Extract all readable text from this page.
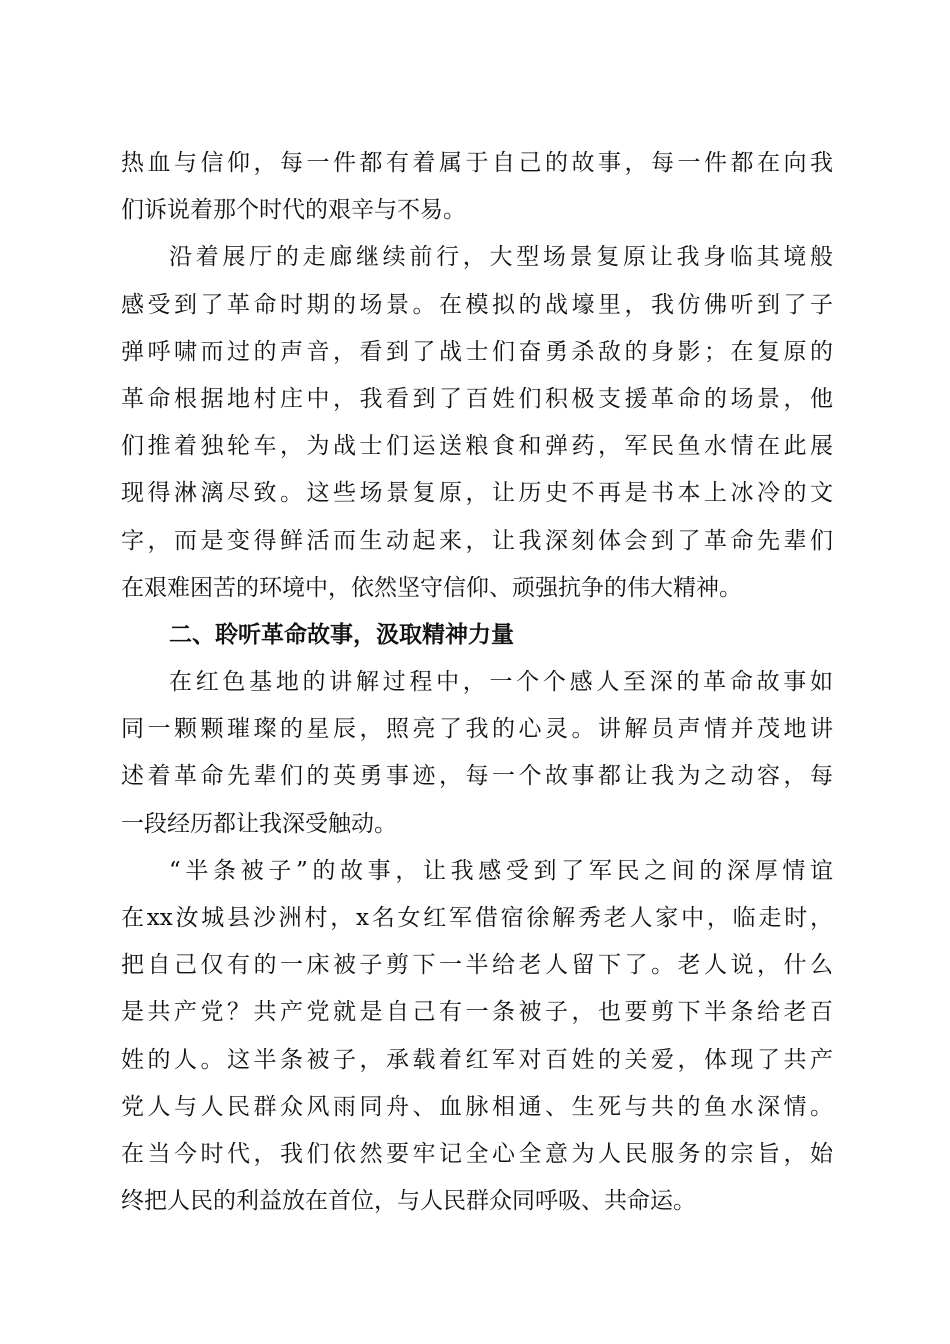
热血与信仰，每一件都有着属于自己的故事，每一件都在向我
们诉说着那个时代的艰辛与不易。
沿着展厅的走廊继续前行，大型场景复原让我身临其境般
感受到了革命时期的场景。在模拟的战壕里，我仿佛听到了子
弹呼啸而过的声音，看到了战士们奋勇杀敌的身影；在复原的
革命根据地村庄中，我看到了百姓们积极支援革命的场景，他
们推着独轮车，为战士们运送粮食和弹药，军民鱼水情在此展
现得淋漓尽致。这些场景复原，让历史不再是书本上冰冷的文
字，而是变得鲜活而生动起来，让我深刻体会到了革命先辈们
在艰难困苦的环境中，依然坚守信仰、顽强抗争的伟大精神。
二、聆听革命故事，汲取精神力量
在红色基地的讲解过程中，一个个感人至深的革命故事如
同一颗颗璀璨的星辰，照亮了我的心灵。讲解员声情并茂地讲
述着革命先辈们的英勇事迹，每一个故事都让我为之动容，每
一段经历都让我深受触动。
“半条被子”的故事，让我感受到了军民之间的深厚情谊
在xx汝城县沙洲村，x名女红军借宿徐解秀老人家中，临走时，
把自己仅有的一床被子剪下一半给老人留下了。老人说，什么
是共产党？共产党就是自己有一条被子，也要剪下半条给老百
姓的人。这半条被子，承载着红军对百姓的关爱，体现了共产
党人与人民群众风雨同舟、血脉相通、生死与共的鱼水深情。
在当今时代，我们依然要牢记全心全意为人民服务的宗旨，始
终把人民的利益放在首位，与人民群众同呼吸、共命运。
